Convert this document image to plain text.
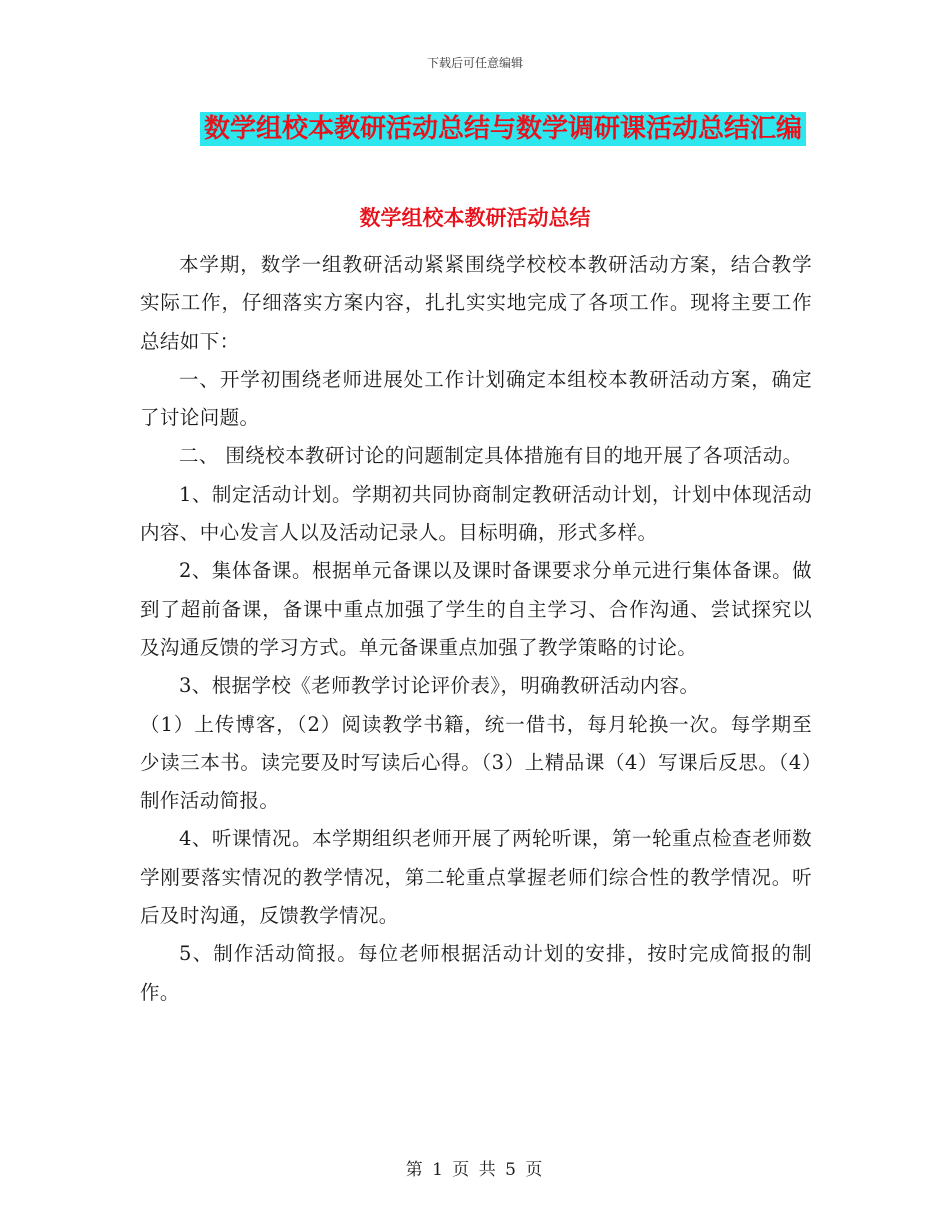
下载后可任意编辑
数学组校本教研活动总结与数学调研课活动总结汇编
数学组校本教研活动总结

本学期，数学一组教研活动紧紧围绕学校校本教研活动方案，结合教学实际工作，仔细落实方案内容，扎扎实实地完成了各项工作。现将主要工作总结如下：

一、开学初围绕老师进展处工作计划确定本组校本教研活动方案，确定了讨论问题。

二、 围绕校本教研讨论的问题制定具体措施有目的地开展了各项活动。

1、制定活动计划。学期初共同协商制定教研活动计划，计划中体现活动内容、中心发言人以及活动记录人。目标明确，形式多样。

2、集体备课。根据单元备课以及课时备课要求分单元进行集体备课。做到了超前备课，备课中重点加强了学生的自主学习、合作沟通、尝试探究以及沟通反馈的学习方式。单元备课重点加强了教学策略的讨论。

3、根据学校《老师教学讨论评价表》，明确教研活动内容。

（1）上传博客，（2）阅读教学书籍，统一借书，每月轮换一次。每学期至少读三本书。读完要及时写读后心得。（3）上精品课（4）写课后反思。（4）制作活动简报。

4、听课情况。本学期组织老师开展了两轮听课，第一轮重点检查老师数学刚要落实情况的教学情况，第二轮重点掌握老师们综合性的教学情况。听后及时沟通，反馈教学情况。

5、制作活动简报。每位老师根据活动计划的安排，按时完成简报的制作。

第 1 页 共 5 页
